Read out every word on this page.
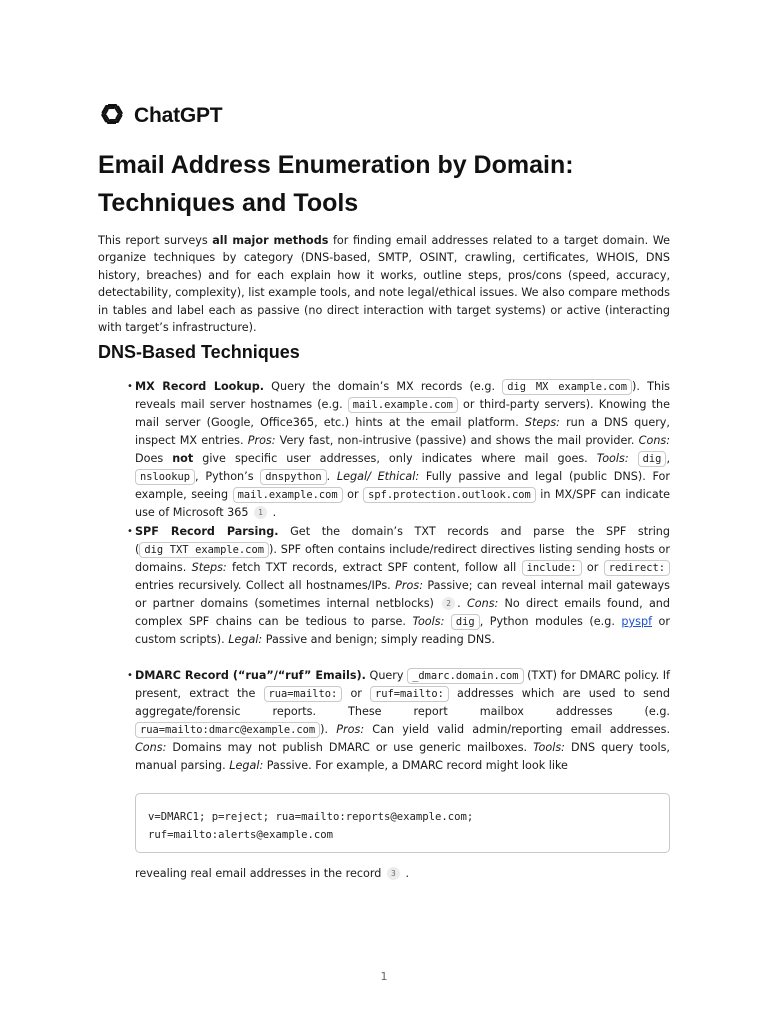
ChatGPT
Email Address Enumeration by Domain: Techniques and Tools

This report surveys all major methods for finding email addresses related to a target domain. We organize techniques by category (DNS-based, SMTP, OSINT, crawling, certificates, WHOIS, DNS history, breaches) and for each explain how it works, outline steps, pros/cons (speed, accuracy, detectability, complexity), list example tools, and note legal/ethical issues. We also compare methods in tables and label each as passive (no direct interaction with target systems) or active (interacting with target’s infrastructure).

DNS-Based Techniques
• MX Record Lookup. Query the domain’s MX records (e.g. dig MX example.com ). This reveals mail server hostnames (e.g. mail.example.com or third-party servers). Knowing the mail server (Google, Office365, etc.) hints at the email platform. Steps: run a DNS query, inspect MX entries. Pros: Very fast, non-intrusive (passive) and shows the mail provider. Cons: Does not give specific user addresses, only indicates where mail goes. Tools: dig , nslookup , Python’s dnspython . Legal/ Ethical: Fully passive and legal (public DNS). For example, seeing mail.example.com or spf.protection.outlook.com in MX/SPF can indicate use of Microsoft 365 1 .
• SPF Record Parsing. Get the domain’s TXT records and parse the SPF string ( dig TXT example.com ). SPF often contains include/redirect directives listing sending hosts or domains. Steps: fetch TXT records, extract SPF content, follow all include: or redirect: entries recursively. Collect all hostnames/IPs. Pros: Passive; can reveal internal mail gateways or partner domains (sometimes internal netblocks) 2 . Cons: No direct emails found, and complex SPF chains can be tedious to parse. Tools: dig , Python modules (e.g. pyspf or custom scripts). Legal: Passive and benign; simply reading DNS.
• DMARC Record (“rua”/“ruf” Emails). Query _dmarc.domain.com (TXT) for DMARC policy. If present, extract the rua=mailto: or ruf=mailto: addresses which are used to send aggregate/forensic reports. These report mailbox addresses (e.g. rua=mailto:dmarc@example.com ). Pros: Can yield valid admin/reporting email addresses. Cons: Domains may not publish DMARC or use generic mailboxes. Tools: DNS query tools, manual parsing. Legal: Passive. For example, a DMARC record might look like
v=DMARC1; p=reject; rua=mailto:reports@example.com;
ruf=mailto:alerts@example.com
revealing real email addresses in the record 3 .
1
